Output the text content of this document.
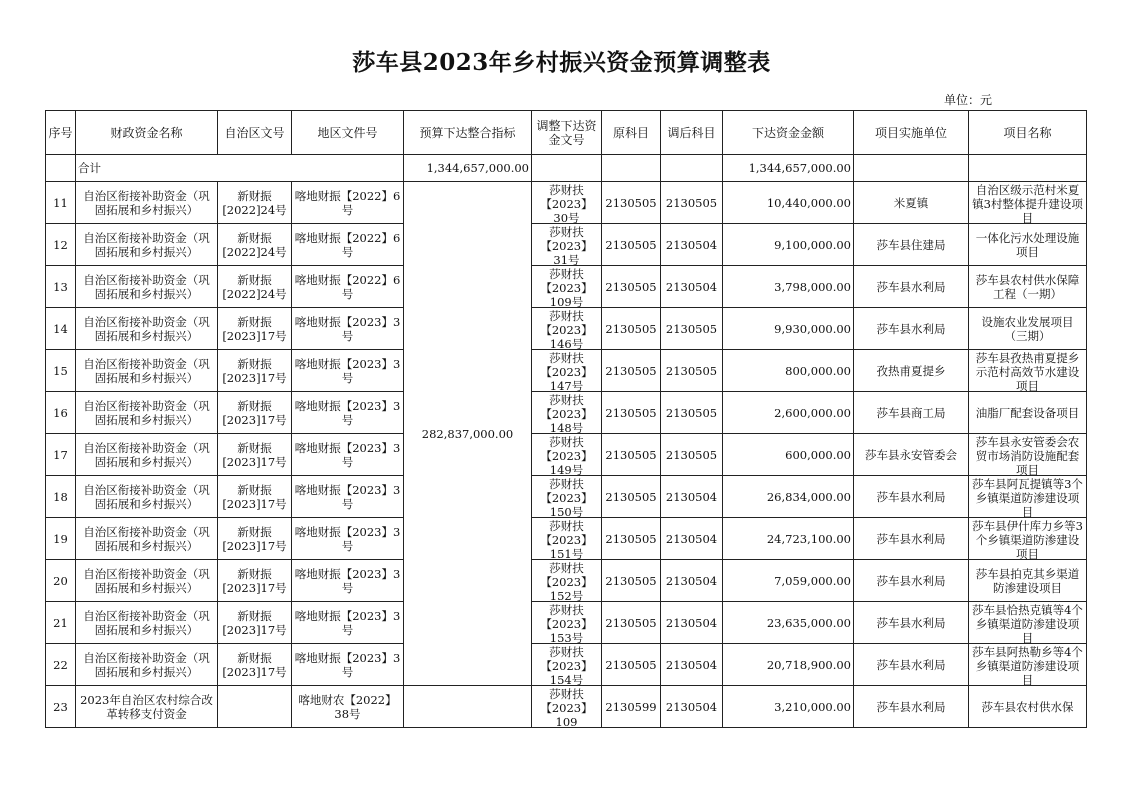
莎车县2023年乡村振兴资金预算调整表
单位：元
序号	财政资金名称	自治区文号	地区文件号	预算下达整合指标	调整下达资金文号	原科目	调后科目	下达资金金额	项目实施单位	项目名称
	合计			1,344,657,000.00				1,344,657,000.00		

11	自治区衔接补助资金（巩固拓展和乡村振兴）	新财振[2022]24号	喀地财振【2022】6号	282,837,000.00	莎财扶【2023】30号	2130505	2130505	10,440,000.00	米夏镇	自治区级示范村米夏镇3村整体提升建设项目

12	自治区衔接补助资金（巩固拓展和乡村振兴）	新财振[2022]24号	喀地财振【2022】6号		莎财扶【2023】31号	2130505	2130504	9,100,000.00	莎车县住建局	一体化污水处理设施项目

13	自治区衔接补助资金（巩固拓展和乡村振兴）	新财振[2022]24号	喀地财振【2022】6号		莎财扶【2023】109号	2130505	2130504	3,798,000.00	莎车县水利局	莎车县农村供水保障工程（一期）

14	自治区衔接补助资金（巩固拓展和乡村振兴）	新财振[2023]17号	喀地财振【2023】3号		莎财扶【2023】146号	2130505	2130505	9,930,000.00	莎车县水利局	设施农业发展项目（三期）

15	自治区衔接补助资金（巩固拓展和乡村振兴）	新财振[2023]17号	喀地财振【2023】3号		莎财扶【2023】147号	2130505	2130505	800,000.00	孜热甫夏提乡	莎车县孜热甫夏提乡示范村高效节水建设项目

16	自治区衔接补助资金（巩固拓展和乡村振兴）	新财振[2023]17号	喀地财振【2023】3号		莎财扶【2023】148号	2130505	2130505	2,600,000.00	莎车县商工局	油脂厂配套设备项目

17	自治区衔接补助资金（巩固拓展和乡村振兴）	新财振[2023]17号	喀地财振【2023】3号		莎财扶【2023】149号	2130505	2130505	600,000.00	莎车县永安管委会	莎车县永安管委会农贸市场消防设施配套项目

18	自治区衔接补助资金（巩固拓展和乡村振兴）	新财振[2023]17号	喀地财振【2023】3号		莎财扶【2023】150号	2130505	2130504	26,834,000.00	莎车县水利局	莎车县阿瓦提镇等3个乡镇渠道防渗建设项目

19	自治区衔接补助资金（巩固拓展和乡村振兴）	新财振[2023]17号	喀地财振【2023】3号		莎财扶【2023】151号	2130505	2130504	24,723,100.00	莎车县水利局	莎车县伊什库力乡等3个乡镇渠道防渗建设项目

20	自治区衔接补助资金（巩固拓展和乡村振兴）	新财振[2023]17号	喀地财振【2023】3号		莎财扶【2023】152号	2130505	2130504	7,059,000.00	莎车县水利局	莎车县拍克其乡渠道防渗建设项目

21	自治区衔接补助资金（巩固拓展和乡村振兴）	新财振[2023]17号	喀地财振【2023】3号		莎财扶【2023】153号	2130505	2130504	23,635,000.00	莎车县水利局	莎车县恰热克镇等4个乡镇渠道防渗建设项目

22	自治区衔接补助资金（巩固拓展和乡村振兴）	新财振[2023]17号	喀地财振【2023】3号		莎财扶【2023】154号	2130505	2130504	20,718,900.00	莎车县水利局	莎车县阿热勒乡等4个乡镇渠道防渗建设项目

23	2023年自治区农村综合改革转移支付资金		喀地财农【2022】38号		莎财扶【2023】109	2130599	2130504	3,210,000.00	莎车县水利局	莎车县农村供水保
